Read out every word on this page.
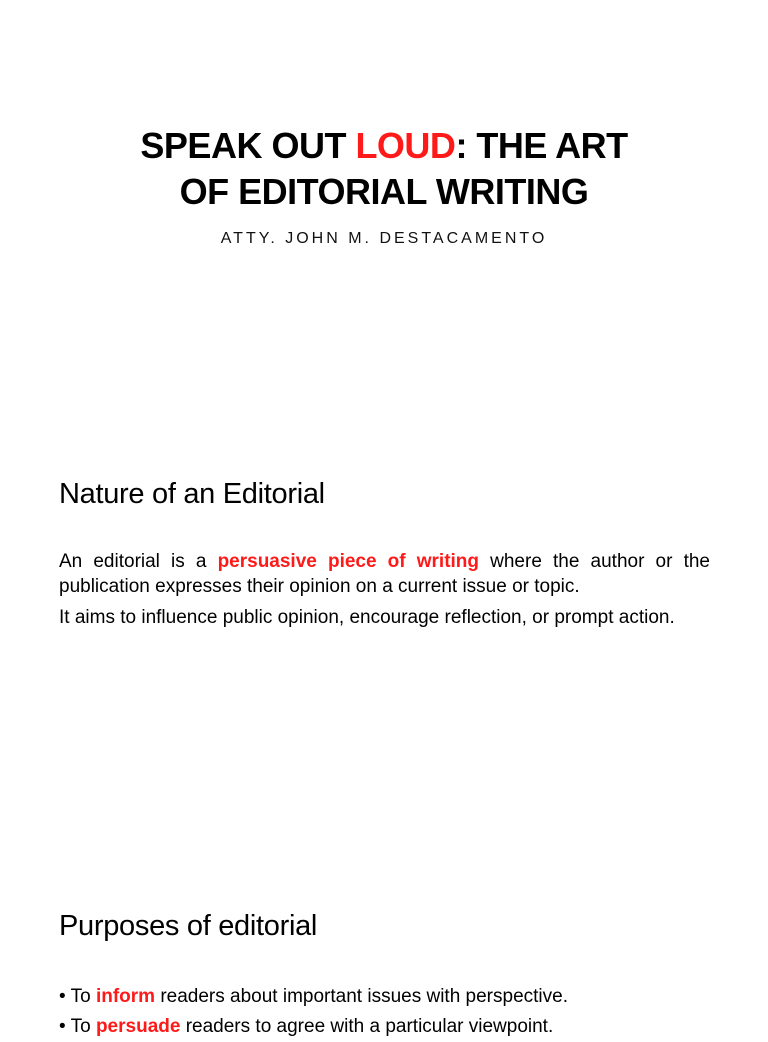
SPEAK OUT LOUD: THE ART
OF EDITORIAL WRITING
ATTY. JOHN M. DESTACAMENTO
Nature of an Editorial

An editorial is a persuasive piece of writing where the author or the publication expresses their opinion on a current issue or topic.

It aims to influence public opinion, encourage reflection, or prompt action.

Purposes of editorial
• To inform readers about important issues with perspective.
• To persuade readers to agree with a particular viewpoint.
